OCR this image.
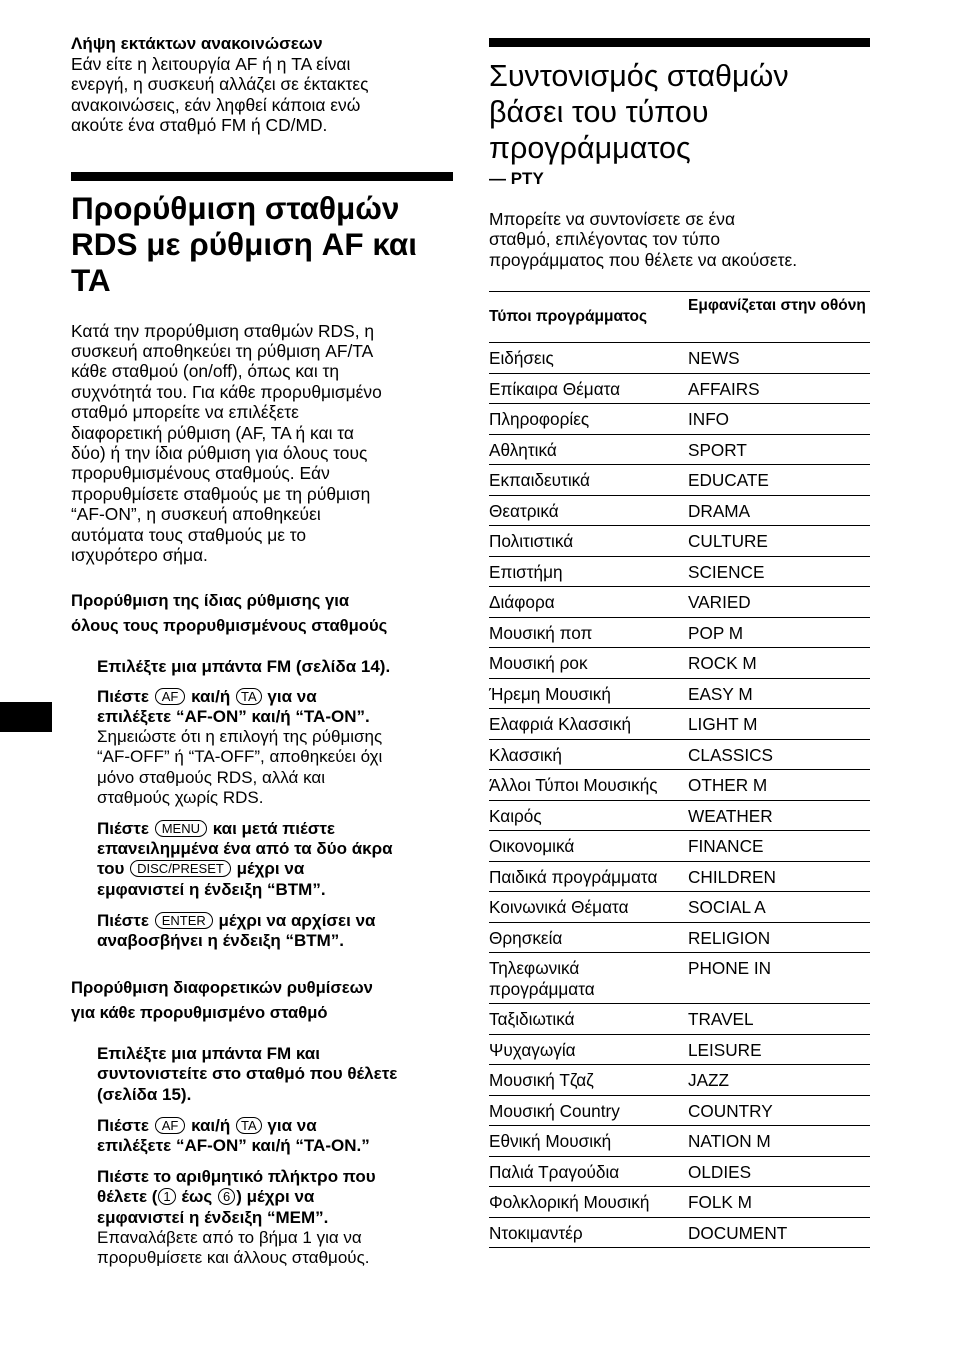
Λήψη εκτάκτων ανακοινώσεων

Εάν είτε η λειτουργία AF ή η TA είναι
ενεργή, η συσκευή αλλάζει σε έκτακτες
ανακοινώσεις, εάν ληφθεί κάποια ενώ
ακούτε ένα σταθμό FM ή CD/MD.
Προρύθμιση σταθμών
RDS με ρύθμιση AF και
TA
Κατά την προρύθμιση σταθμών RDS, η
συσκευή αποθηκεύει τη ρύθμιση AF/TA
κάθε σταθμού (on/off), όπως και τη
συχνότητά του. Για κάθε προρυθμισμένο
σταθμό μπορείτε να επιλέξετε
διαφορετική ρύθμιση (AF, TA ή και τα
δύο) ή την ίδια ρύθμιση για όλους τους
προρυθμισμένους σταθμούς. Εάν
προρυθμίσετε σταθμούς με τη ρύθμιση
“AF-ON”, η συσκευή αποθηκεύει
αυτόματα τους σταθμούς με το
ισχυρότερο σήμα.
Προρύθμιση της ίδιας ρύθμισης για
όλους τους προρυθμισμένους σταθμούς
Επιλέξτε μια μπάντα FM (σελίδα 14).
Πιέστε AF και/ή TA για να
επιλέξετε “AF-ON” και/ή “TA-ON”.
Σημειώστε ότι η επιλογή της ρύθμισης
“AF-OFF” ή “TA-OFF”, αποθηκεύει όχι
μόνο σταθμούς RDS, αλλά και
σταθμούς χωρίς RDS.
Πιέστε MENU και μετά πιέστε
επανειλημμένα ένα από τα δύο άκρα
του DISC/PRESET μέχρι να
εμφανιστεί η ένδειξη “BTM”.
Πιέστε ENTER μέχρι να αρχίσει να
αναβοσβήνει η ένδειξη “BTM”.
Προρύθμιση διαφορετικών ρυθμίσεων
για κάθε προρυθμισμένο σταθμό
Επιλέξτε μια μπάντα FM και
συντονιστείτε στο σταθμό που θέλετε
(σελίδα 15).
Πιέστε AF και/ή TA για να
επιλέξετε “AF-ON” και/ή “TA-ON.”
Πιέστε το αριθμητικό πλήκτρο που
θέλετε ( 1 έως 6 ) μέχρι να
εμφανιστεί η ένδειξη “MEM”.
Επαναλάβετε από το βήμα 1 για να
προρυθμίσετε και άλλους σταθμούς.
Συντονισμός σταθμών
βάσει του τύπου
προγράμματος
— PTY
Μπορείτε να συντονίσετε σε ένα
σταθμό, επιλέγοντας τον τύπο
προγράμματος που θέλετε να ακούσετε.
Τύποι προγράμματος	Εμφανίζεται στην οθόνη
Ειδήσεις	NEWS
Επίκαιρα Θέματα	AFFAIRS
Πληροφορίες	INFO
Αθλητικά	SPORT
Εκπαιδευτικά	EDUCATE
Θεατρικά	DRAMA
Πολιτιστικά	CULTURE
Επιστήμη	SCIENCE
Διάφορα	VARIED
Μουσική ποπ	POP M
Μουσική ροκ	ROCK M
Ήρεμη Μουσική	EASY M
Ελαφριά Κλασσική	LIGHT M
Κλασσική	CLASSICS
Άλλοι Τύποι Μουσικής	OTHER M
Καιρός	WEATHER
Οικονομικά	FINANCE
Παιδικά προγράμματα	CHILDREN
Κοινωνικά Θέματα	SOCIAL A
Θρησκεία	RELIGION
Τηλεφωνικά προγράμματα	PHONE IN
Ταξιδιωτικά	TRAVEL
Ψυχαγωγία	LEISURE
Μουσική Τζαζ	JAZZ
Μουσική Country	COUNTRY
Εθνική Μουσική	NATION M
Παλιά Τραγούδια	OLDIES
Φολκλορική Μουσική	FOLK M
Ντοκιμαντέρ	DOCUMENT
